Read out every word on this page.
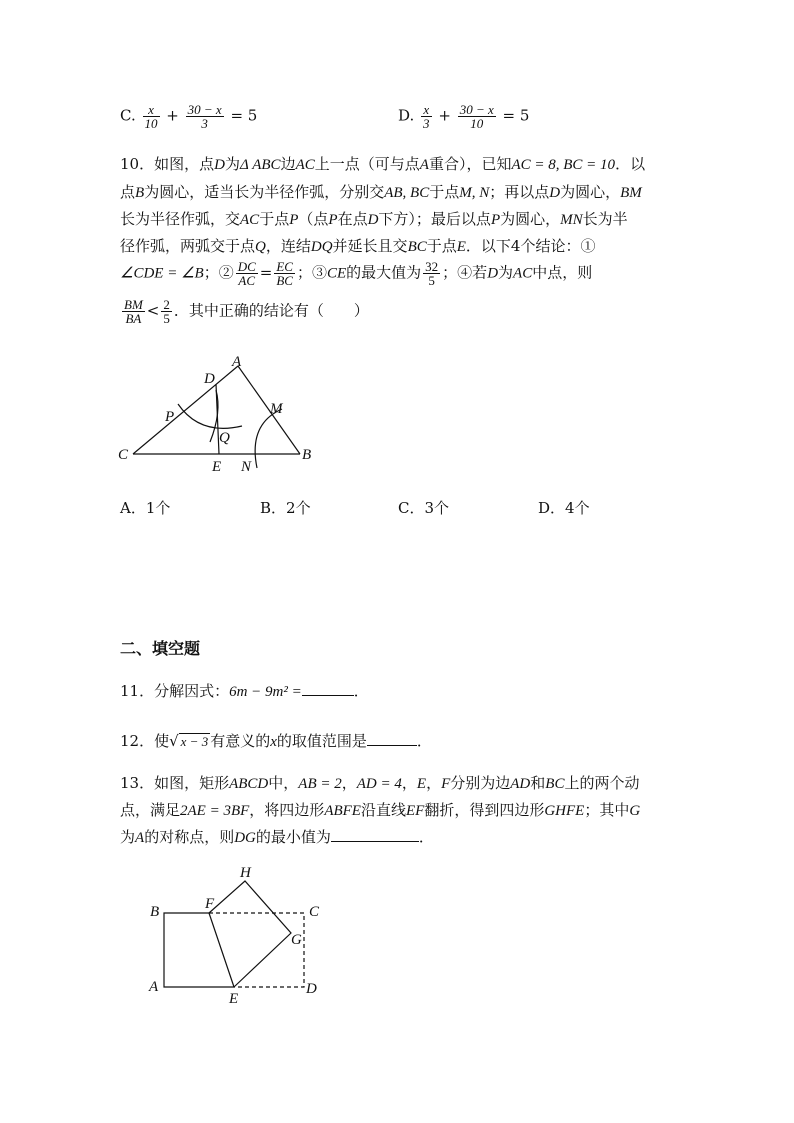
C. $\frac{x}{10} + \frac{30 - x}{3} = 5$	D. $\frac{x}{3} + \frac{30 - x}{10} = 5$
10．如图，点D为Δ ABC边AC上一点（可与点A重合），已知AC = 8, BC = 10．以
点B为圆心，适当长为半径作弧，分别交AB, BC于点M, N；再以点D为圆心，BM
长为半径作弧，交AC于点P（点P在点D下方）；最后以点P为圆心，MN长为半
径作弧，两弧交于点Q，连结DQ并延长且交BC于点E．以下4个结论：①
∠CDE = ∠B；② $\frac{DC}{AC} = \frac{EC}{BC}$ ；③CE的最大值为 $\frac{32}{5}$ ；④若D为AC中点，则
$\frac{BM}{BA} < \frac{2}{5}$ ．其中正确的结论有（　　）
A
D
M
P
Q
C
E N
B
A．1个	B．2个	C．3个	D．4个
二、填空题
11．分解因式：6m − 9m² =	．
12．使√ x − 3 有意义的x的取值范围是	．
13．如图，矩形ABCD中，AB = 2，AD = 4，E，F分别为边AD和BC上的两个动
点，满足2AE = 3BF，将四边形ABFE沿直线EF翻折，得到四边形GHFE；其中G
为A的对称点，则DG的最小值为	．
H
B	F	C
G
A
E
D
